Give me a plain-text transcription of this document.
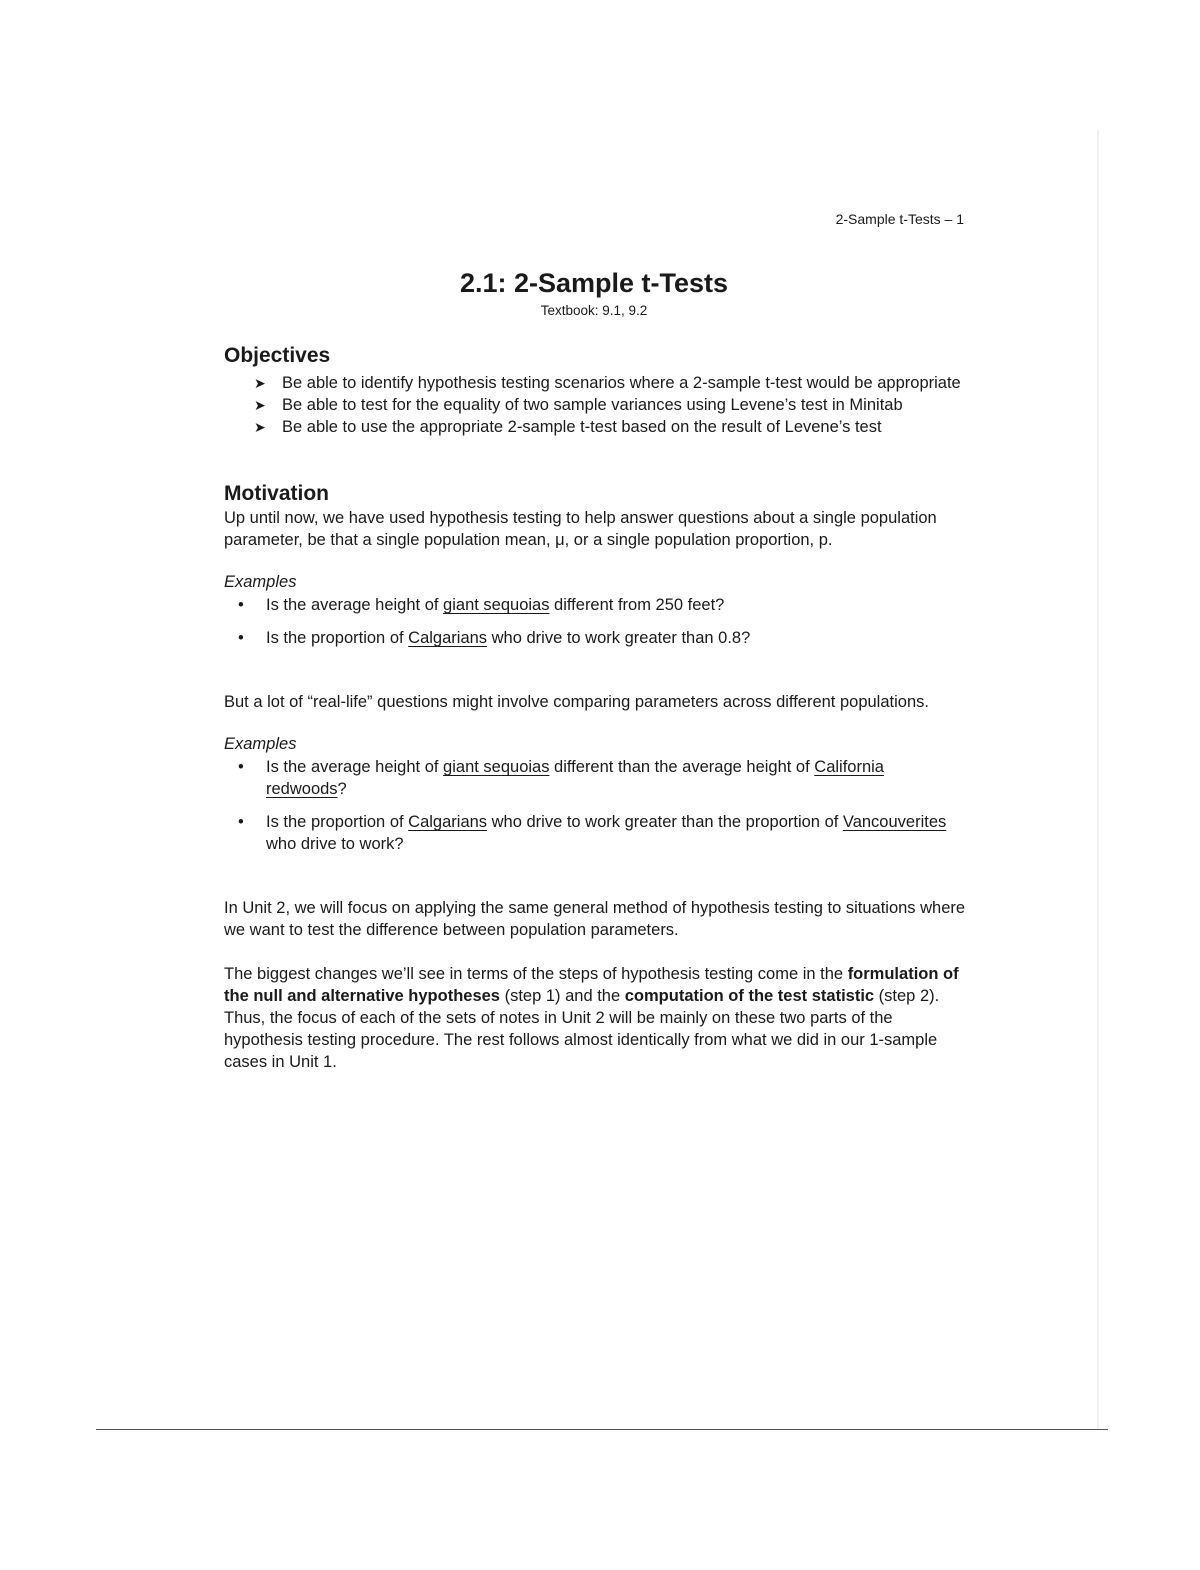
2-Sample t-Tests – 1
2.1: 2-Sample t-Tests
Textbook: 9.1, 9.2
Objectives
➤ Be able to identify hypothesis testing scenarios where a 2-sample t-test would be appropriate
➤ Be able to test for the equality of two sample variances using Levene’s test in Minitab
➤ Be able to use the appropriate 2-sample t-test based on the result of Levene’s test
Motivation

Up until now, we have used hypothesis testing to help answer questions about a single population parameter, be that a single population mean, μ, or a single population proportion, p.

Examples
• Is the average height of giant sequoias different from 250 feet?
• Is the proportion of Calgarians who drive to work greater than 0.8?

But a lot of “real-life” questions might involve comparing parameters across different populations.

Examples
• Is the average height of giant sequoias different than the average height of California redwoods?
• Is the proportion of Calgarians who drive to work greater than the proportion of Vancouverites who drive to work?

In Unit 2, we will focus on applying the same general method of hypothesis testing to situations where we want to test the difference between population parameters.

The biggest changes we’ll see in terms of the steps of hypothesis testing come in the formulation of the null and alternative hypotheses (step 1) and the computation of the test statistic (step 2). Thus, the focus of each of the sets of notes in Unit 2 will be mainly on these two parts of the hypothesis testing procedure. The rest follows almost identically from what we did in our 1-sample cases in Unit 1.
